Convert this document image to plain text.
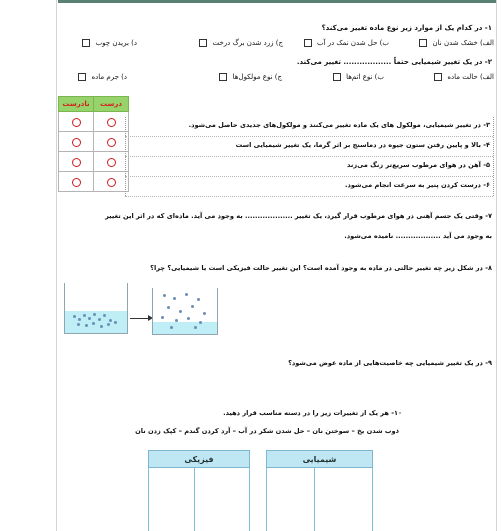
۱- در کدام یک از موارد زیر نوع ماده تغییر می‌کند؟
الف) خشک شدن نان
ب) حل شدن نمک در آب
ج) زرد شدن برگ درخت
د) بریدن چوب
۲- در یک تغییر شیمیایی حتماً .................. تغییر می‌کند.
الف) حالت ماده
ب) نوع اتم‌ها
ج) نوع مولکول‌ها
د) جرم ماده
نادرست	درست

۳- در تغییر شیمیایی، مولکول های یک ماده تغییر می‌کنند و مولکول‌های جدیدی حاصل می‌شود.
۴- بالا و پایین رفتن ستون جیوه در دماسنج بر اثر گرما، یک تغییر شیمیایی است
۵- آهن در هوای مرطوب سریع‌تر زنگ می‌زند
۶- درست کردن پنیر به سرعت انجام می‌شود.
۷- وقتی یک جسم آهنی در هوای مرطوب قرار گیرد، یک تغییر ................... به وجود می آید. ماده‌ای که در اثر این تغییر
به وجود می آید .................. نامیده می‌شود.
۸- در شکل زیر چه تغییر حالتی در ماده به وجود آمده است؟ این تغییر حالت فیزیکی است یا شیمیایی؟ چرا؟
۹- در یک تغییر شیمیایی چه خاصیت‌هایی از ماده عوض می‌شود؟
۱۰- هر یک از تغییرات زیر را در دسته مناسب قرار دهید.
ذوب شدن یخ – سوختن نان – حل شدن شکر در آب – آرد کردن گندم – کپک زدن نان
فیزیکی	شیمیایی
